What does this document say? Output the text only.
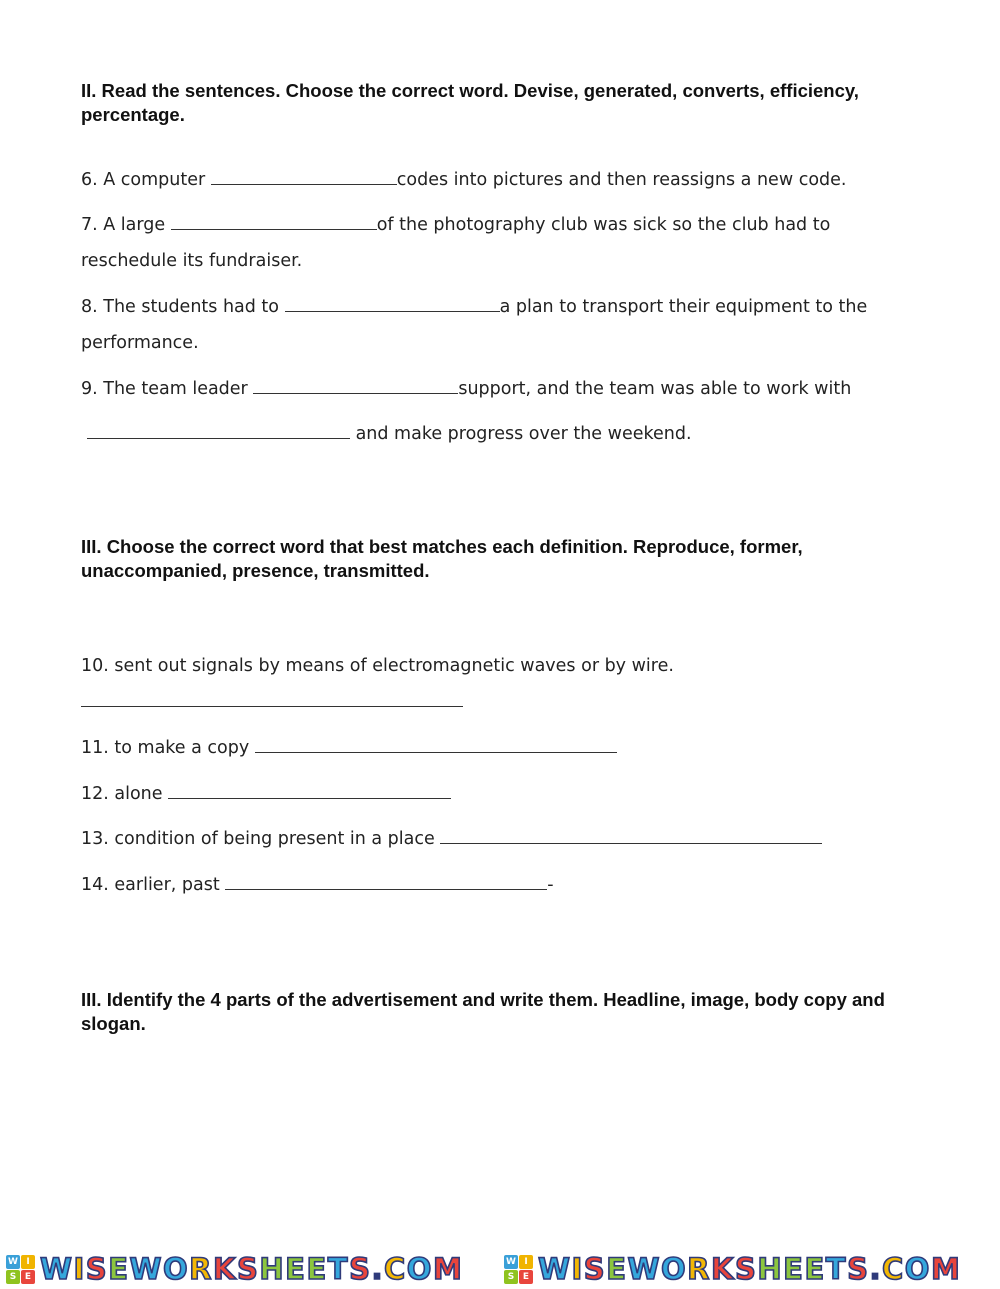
II. Read the sentences. Choose the correct word. Devise, generated, converts, efficiency, percentage.

6. A computer	codes into pictures and then reassigns a new code.

7. A large	of the photography club was sick so the club had to

reschedule its fundraiser.

8. The students had to	a plan to transport their equipment to the

performance.

9. The team leader	support, and the team was able to work with

and make progress over the weekend.

III. Choose the correct word that best matches each definition. Reproduce, former, unaccompanied, presence, transmitted.

10. sent out signals by means of electromagnetic waves or by wire.

11. to make a copy

12. alone

13. condition of being present in a place

14. earlier, past	-

III. Identify the 4 parts of the advertisement and write them. Headline, image, body copy and slogan.

W I
S E WISEWORKSHEETS.COM	W I
S E WISEWORKSHEETS.COM
